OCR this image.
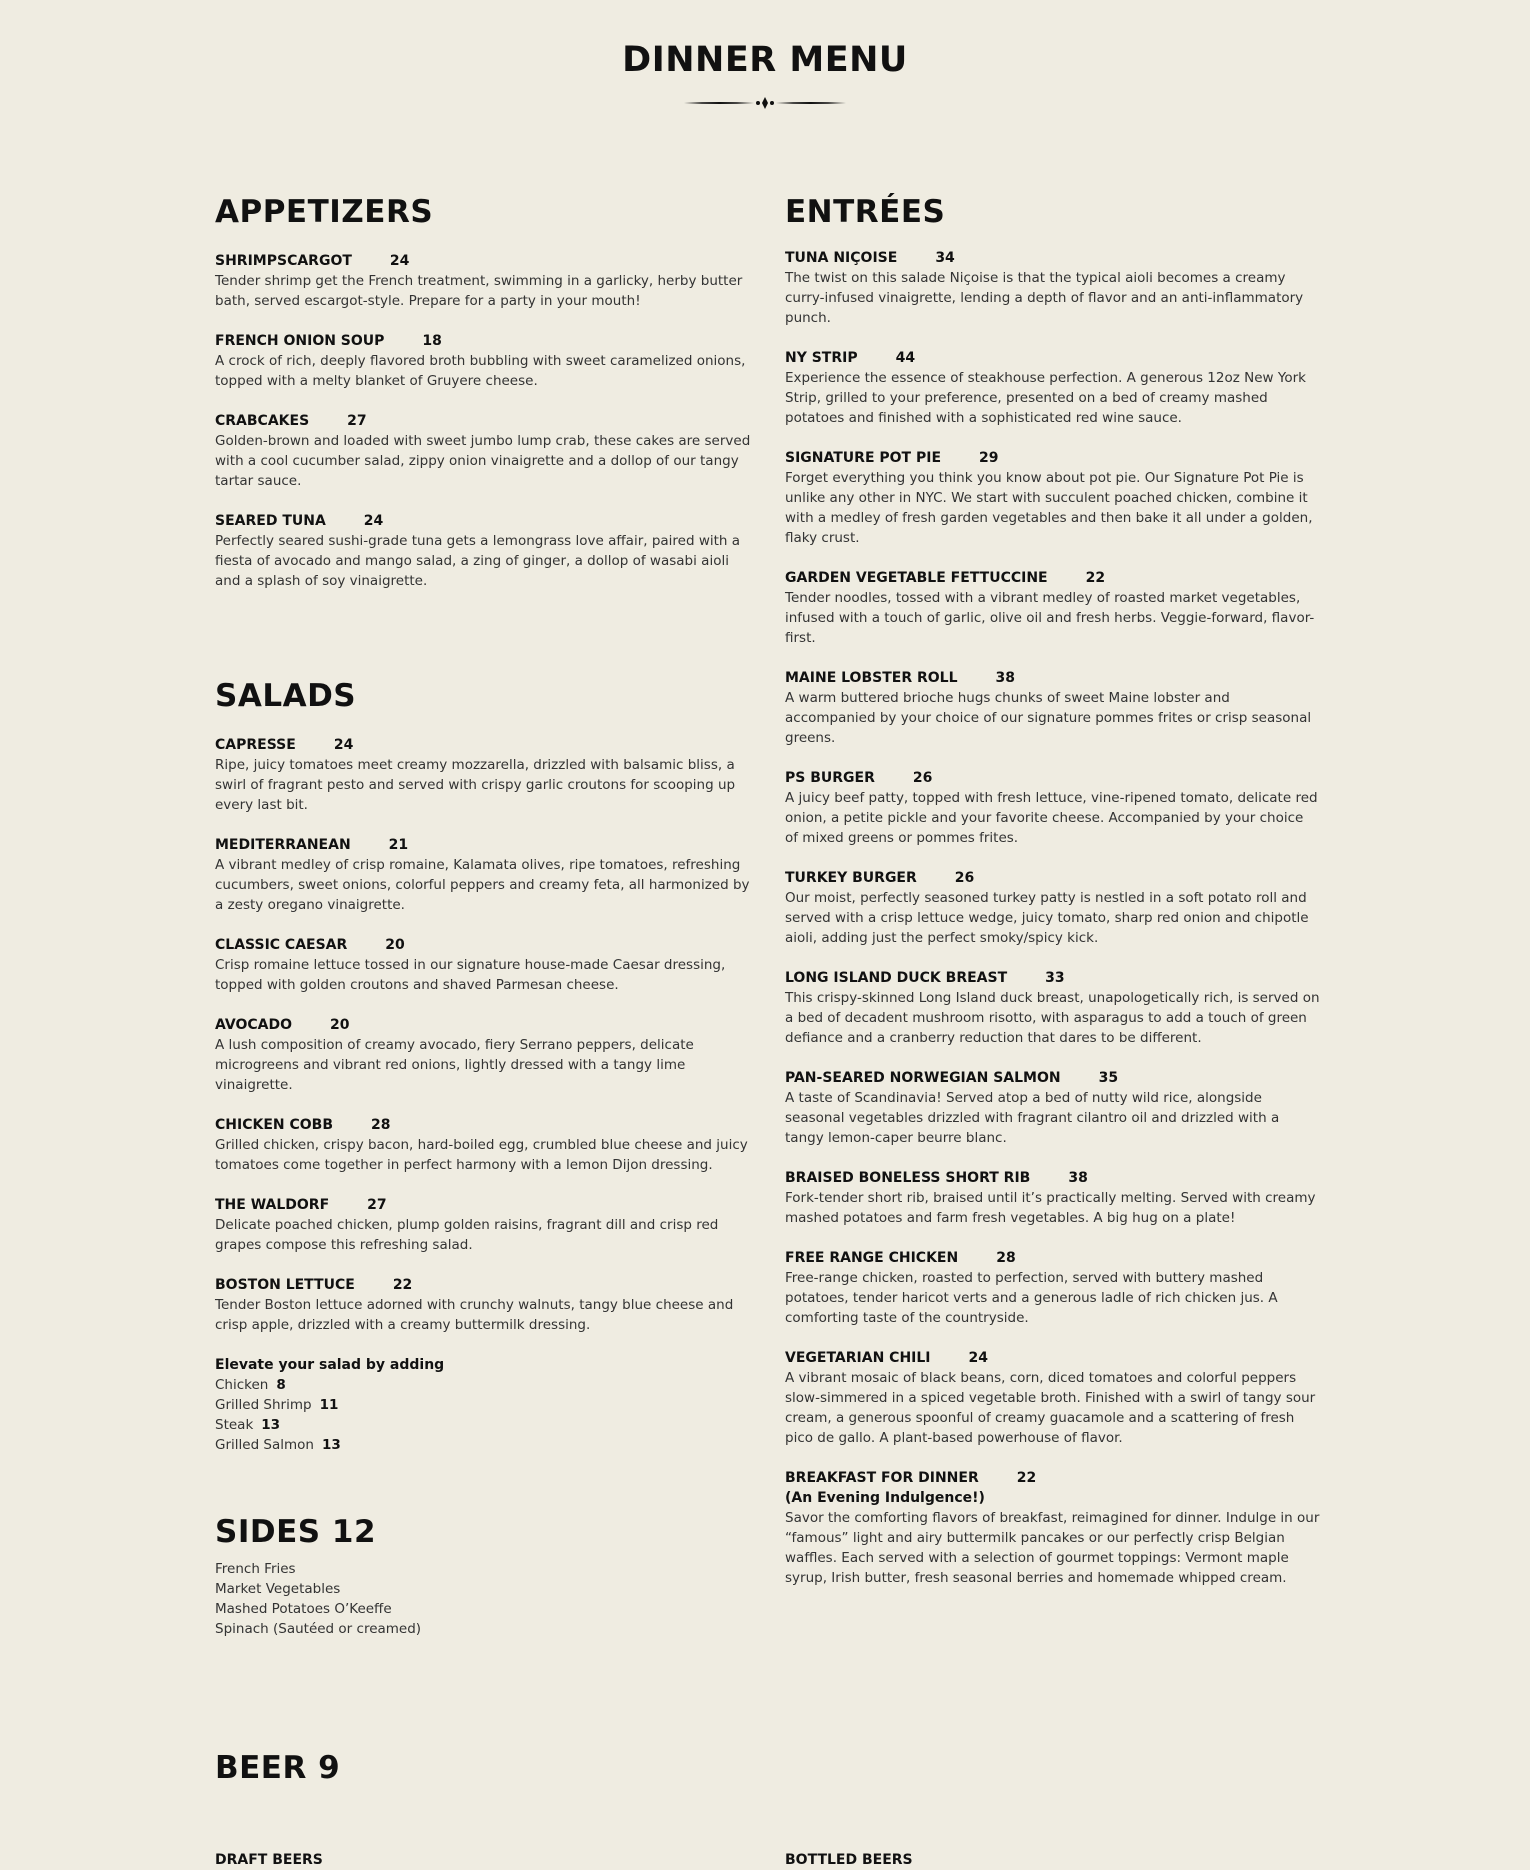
DINNER MENU
APPETIZERS
SHRIMPSCARGOT	24
Tender shrimp get the French treatment, swimming in a garlicky, herby butter bath, served escargot-style. Prepare for a party in your mouth!
FRENCH ONION SOUP	18
A crock of rich, deeply flavored broth bubbling with sweet caramelized onions, topped with a melty blanket of Gruyere cheese.
CRABCAKES	27
Golden-brown and loaded with sweet jumbo lump crab, these cakes are served with a cool cucumber salad, zippy onion vinaigrette and a dollop of our tangy tartar sauce.
SEARED TUNA	24
Perfectly seared sushi-grade tuna gets a lemongrass love affair, paired with a fiesta of avocado and mango salad, a zing of ginger, a dollop of wasabi aioli and a splash of soy vinaigrette.
SALADS
CAPRESSE	24
Ripe, juicy tomatoes meet creamy mozzarella, drizzled with balsamic bliss, a swirl of fragrant pesto and served with crispy garlic croutons for scooping up every last bit.
MEDITERRANEAN	21
A vibrant medley of crisp romaine, Kalamata olives, ripe tomatoes, refreshing cucumbers, sweet onions, colorful peppers and creamy feta, all harmonized by a zesty oregano vinaigrette.
CLASSIC CAESAR	20
Crisp romaine lettuce tossed in our signature house-made Caesar dressing, topped with golden croutons and shaved Parmesan cheese.
AVOCADO	20
A lush composition of creamy avocado, fiery Serrano peppers, delicate microgreens and vibrant red onions, lightly dressed with a tangy lime vinaigrette.
CHICKEN COBB	28
Grilled chicken, crispy bacon, hard-boiled egg, crumbled blue cheese and juicy tomatoes come together in perfect harmony with a lemon Dijon dressing.
THE WALDORF	27
Delicate poached chicken, plump golden raisins, fragrant dill and crisp red grapes compose this refreshing salad.
BOSTON LETTUCE	22
Tender Boston lettuce adorned with crunchy walnuts, tangy blue cheese and crisp apple, drizzled with a creamy buttermilk dressing.
Elevate your salad by adding
Chicken 8
Grilled Shrimp 11
Steak 13
Grilled Salmon 13
SIDES 12
French Fries
Market Vegetables
Mashed Potatoes O’Keeffe
Spinach (Sautéed or creamed)
ENTRÉES
TUNA NIÇOISE	34
The twist on this salade Niçoise is that the typical aioli becomes a creamy curry-infused vinaigrette, lending a depth of flavor and an anti-inflammatory punch.
NY STRIP	44
Experience the essence of steakhouse perfection. A generous 12oz New York Strip, grilled to your preference, presented on a bed of creamy mashed potatoes and finished with a sophisticated red wine sauce.
SIGNATURE POT PIE	29
Forget everything you think you know about pot pie. Our Signature Pot Pie is unlike any other in NYC. We start with succulent poached chicken, combine it with a medley of fresh garden vegetables and then bake it all under a golden, flaky crust.
GARDEN VEGETABLE FETTUCCINE	22
Tender noodles, tossed with a vibrant medley of roasted market vegetables, infused with a touch of garlic, olive oil and fresh herbs. Veggie-forward, flavor-first.
MAINE LOBSTER ROLL	38
A warm buttered brioche hugs chunks of sweet Maine lobster and accompanied by your choice of our signature pommes frites or crisp seasonal greens.
PS BURGER	26
A juicy beef patty, topped with fresh lettuce, vine-ripened tomato, delicate red onion, a petite pickle and your favorite cheese. Accompanied by your choice of mixed greens or pommes frites.
TURKEY BURGER	26
Our moist, perfectly seasoned turkey patty is nestled in a soft potato roll and served with a crisp lettuce wedge, juicy tomato, sharp red onion and chipotle aioli, adding just the perfect smoky/spicy kick.
LONG ISLAND DUCK BREAST	33
This crispy-skinned Long Island duck breast, unapologetically rich, is served on a bed of decadent mushroom risotto, with asparagus to add a touch of green defiance and a cranberry reduction that dares to be different.
PAN-SEARED NORWEGIAN SALMON	35
A taste of Scandinavia! Served atop a bed of nutty wild rice, alongside seasonal vegetables drizzled with fragrant cilantro oil and drizzled with a tangy lemon-caper beurre blanc.
BRAISED BONELESS SHORT RIB	38
Fork-tender short rib, braised until it’s practically melting. Served with creamy mashed potatoes and farm fresh vegetables. A big hug on a plate!
FREE RANGE CHICKEN	28
Free-range chicken, roasted to perfection, served with buttery mashed potatoes, tender haricot verts and a generous ladle of rich chicken jus. A comforting taste of the countryside.
VEGETARIAN CHILI	24
A vibrant mosaic of black beans, corn, diced tomatoes and colorful peppers slow-simmered in a spiced vegetable broth. Finished with a swirl of tangy sour cream, a generous spoonful of creamy guacamole and a scattering of fresh pico de gallo. A plant-based powerhouse of flavor.
BREAKFAST FOR DINNER	22
(An Evening Indulgence!)
Savor the comforting flavors of breakfast, reimagined for dinner. Indulge in our “famous” light and airy buttermilk pancakes or our perfectly crisp Belgian waffles. Each served with a selection of gourmet toppings: Vermont maple syrup, Irish butter, fresh seasonal berries and homemade whipped cream.
BEER 9
DRAFT BEERS	BOTTLED BEERS
